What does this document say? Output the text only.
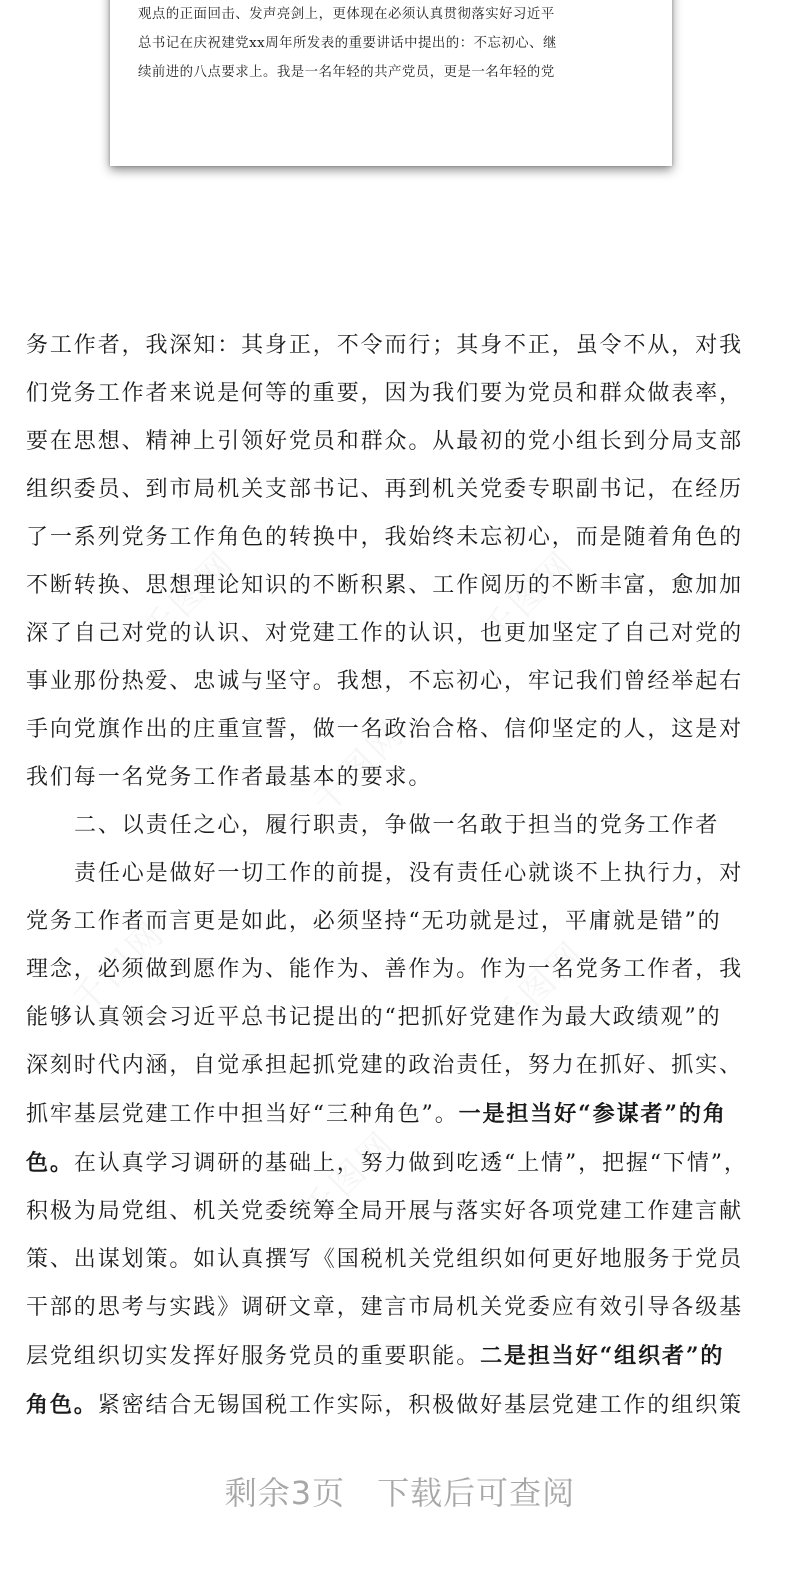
观点的正面回击、发声亮剑上，更体现在必须认真贯彻落实好习近平
总书记在庆祝建党xx周年所发表的重要讲话中提出的：不忘初心、继
续前进的八点要求上。我是一名年轻的共产党员，更是一名年轻的党
千图网	千图网
千图网
千图网	千图网
千图网
务工作者，我深知：其身正，不令而行；其身不正，虽令不从，对我
们党务工作者来说是何等的重要，因为我们要为党员和群众做表率，
要在思想、精神上引领好党员和群众。从最初的党小组长到分局支部
组织委员、到市局机关支部书记、再到机关党委专职副书记，在经历
了一系列党务工作角色的转换中，我始终未忘初心，而是随着角色的
不断转换、思想理论知识的不断积累、工作阅历的不断丰富，愈加加
深了自己对党的认识、对党建工作的认识，也更加坚定了自己对党的
事业那份热爱、忠诚与坚守。我想，不忘初心，牢记我们曾经举起右
手向党旗作出的庄重宣誓，做一名政治合格、信仰坚定的人，这是对
我们每一名党务工作者最基本的要求。
二、以责任之心，履行职责，争做一名敢于担当的党务工作者
责任心是做好一切工作的前提，没有责任心就谈不上执行力，对
党务工作者而言更是如此，必须坚持“无功就是过，平庸就是错”的
理念，必须做到愿作为、能作为、善作为。作为一名党务工作者，我
能够认真领会习近平总书记提出的“把抓好党建作为最大政绩观”的
深刻时代内涵，自觉承担起抓党建的政治责任，努力在抓好、抓实、
抓牢基层党建工作中担当好“三种角色”。一是担当好“参谋者”的角
色。在认真学习调研的基础上，努力做到吃透“上情”，把握“下情”，
积极为局党组、机关党委统筹全局开展与落实好各项党建工作建言献
策、出谋划策。如认真撰写《国税机关党组织如何更好地服务于党员
干部的思考与实践》调研文章，建言市局机关党委应有效引导各级基
层党组织切实发挥好服务党员的重要职能。二是担当好“组织者”的
角色。紧密结合无锡国税工作实际，积极做好基层党建工作的组织策
剩余3页 下载后可查阅
